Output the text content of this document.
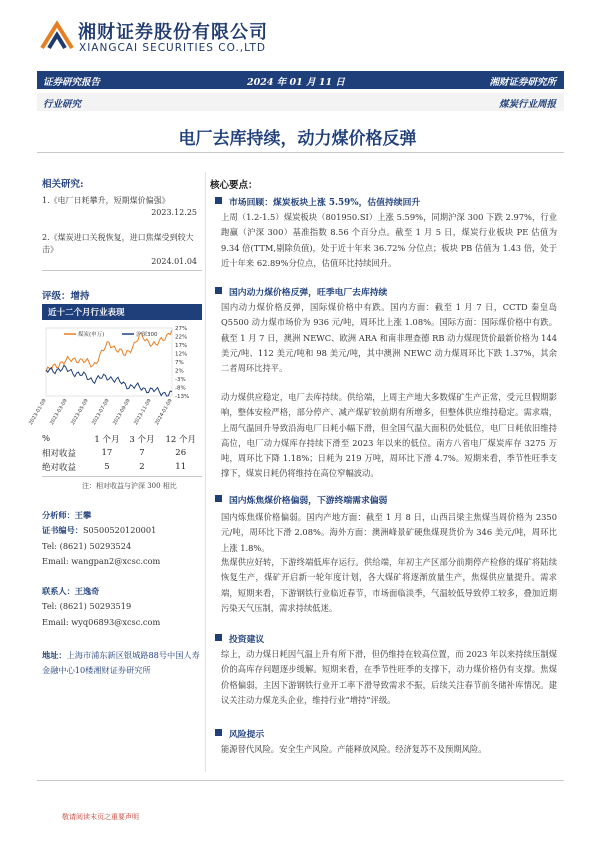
湘财证券股份有限公司
XIANGCAI SECURITIES CO.,LTD
证券研究报告	2024 年 01 月 11 日	湘财证券研究所
行业研究	煤炭行业周报
电厂去库持续，动力煤价格反弹
相关研究:
1.《电厂日耗攀升，短期煤价偏强》
2023.12.25
2.《煤炭进口关税恢复，进口焦煤受到较大击》
2024.01.04
评级：增持
近十二个月行业表现
27%
22%
17%
12%
7%
2%
-3%
-8%
-13%
2023-01-09 2023-03-09 2023-05-09 2023-07-09 2023-09-09 2023-11-09 2024-01-09
煤炭(申万)	沪深300
%	1 个月	3 个月	12 个月
相对收益	17	7	26
绝对收益	5	2	11
注：相对收益与沪深 300 相比
分析师：王攀
证书编号：S0500520120001
Tel: (8621) 50293524
Email: wangpan2@xcsc.com
联系人：王逸奇
Tel: (8621) 50293519
Email: wyq06893@xcsc.com
地址：上海市浦东新区银城路88号中国人寿金融中心10楼湘财证券研究所
核心要点：
市场回顾：煤炭板块上涨 5.59%，估值持续回升

上周（1.2-1.5）煤炭板块（801950.SI）上涨 5.59%，同期沪深 300 下跌 2.97%，行业跑赢（沪深 300）基准指数 8.56 个百分点。截至 1 月 5 日，煤炭行业板块 PE 估值为 9.34 倍(TTM,剔除负值)，处于近十年来 36.72% 分位点；板块 PB 估值为 1.43 倍，处于近十年来 62.89%分位点，估值环比持续回升。

国内动力煤价格反弹，旺季电厂去库持续

国内动力煤价格反弹，国际煤价格中有跌。国内方面：截至 1 月 7 日，CCTD 秦皇岛 Q5500 动力煤市场价为 936 元/吨，周环比上涨 1.08%。国际方面：国际煤价格中有跌。截至 1 月 7 日，澳洲 NEWC、欧洲 ARA 和南非理查德 RB 动力煤现货价最新价格为 144 美元/吨、112 美元/吨和 98 美元/吨，其中澳洲 NEWC 动力煤周环比下跌 1.37%，其余二者周环比持平。

动力煤供应稳定，电厂去库持续。供给端，上周主产地大多数煤矿生产正常，受元旦假期影响，整体安检严格，部分停产、减产煤矿较前期有所增多，但整体供应维持稳定。需求端，上周气温回升导致沿海电厂日耗小幅下滑，但全国气温大面积仍处低位，电厂日耗依旧维持高位，电厂动力煤库存持续下滑至 2023 年以来的低位。南方八省电厂煤炭库存 3275 万吨，周环比下降 1.18%；日耗为 219 万吨，周环比下滑 4.7%。短期来看，季节性旺季支撑下，煤炭日耗仍将维持在高位窄幅波动。

国内炼焦煤价格偏弱，下游终端需求偏弱

国内炼焦煤价格偏弱。国内产地方面：截至 1 月 8 日，山西吕梁主焦煤当周价格为 2350 元/吨，周环比下滑 2.08%。海外方面：澳洲峰景矿硬焦煤现货价为 346 美元/吨，周环比上涨 1.8%。

焦煤供应好转，下游终端低库存运行。供给端，年初主产区部分前期停产检修的煤矿将陆续恢复生产，煤矿开启新一轮年度计划，各大煤矿将逐渐放量生产，焦煤供应量提升。需求端，短期来看，下游钢铁行业临近春节，市场面临淡季，气温较低导致停工较多，叠加近期污染天气压制，需求持续低迷。

投资建议

综上，动力煤日耗因气温上升有所下滑，但仍维持在较高位置，而 2023 年以来持续压制煤价的高库存问题逐步缓解。短期来看，在季节性旺季的支撑下，动力煤价格仍有支撑。焦煤价格偏弱，主因下游钢铁行业开工率下滑导致需求不振，后续关注春节前冬储补库情况。建议关注动力煤龙头企业，维持行业“增持”评级。

风险提示

能源替代风险。安全生产风险。产能释放风险。经济复苏不及预期风险。

敬请阅读末页之重要声明
